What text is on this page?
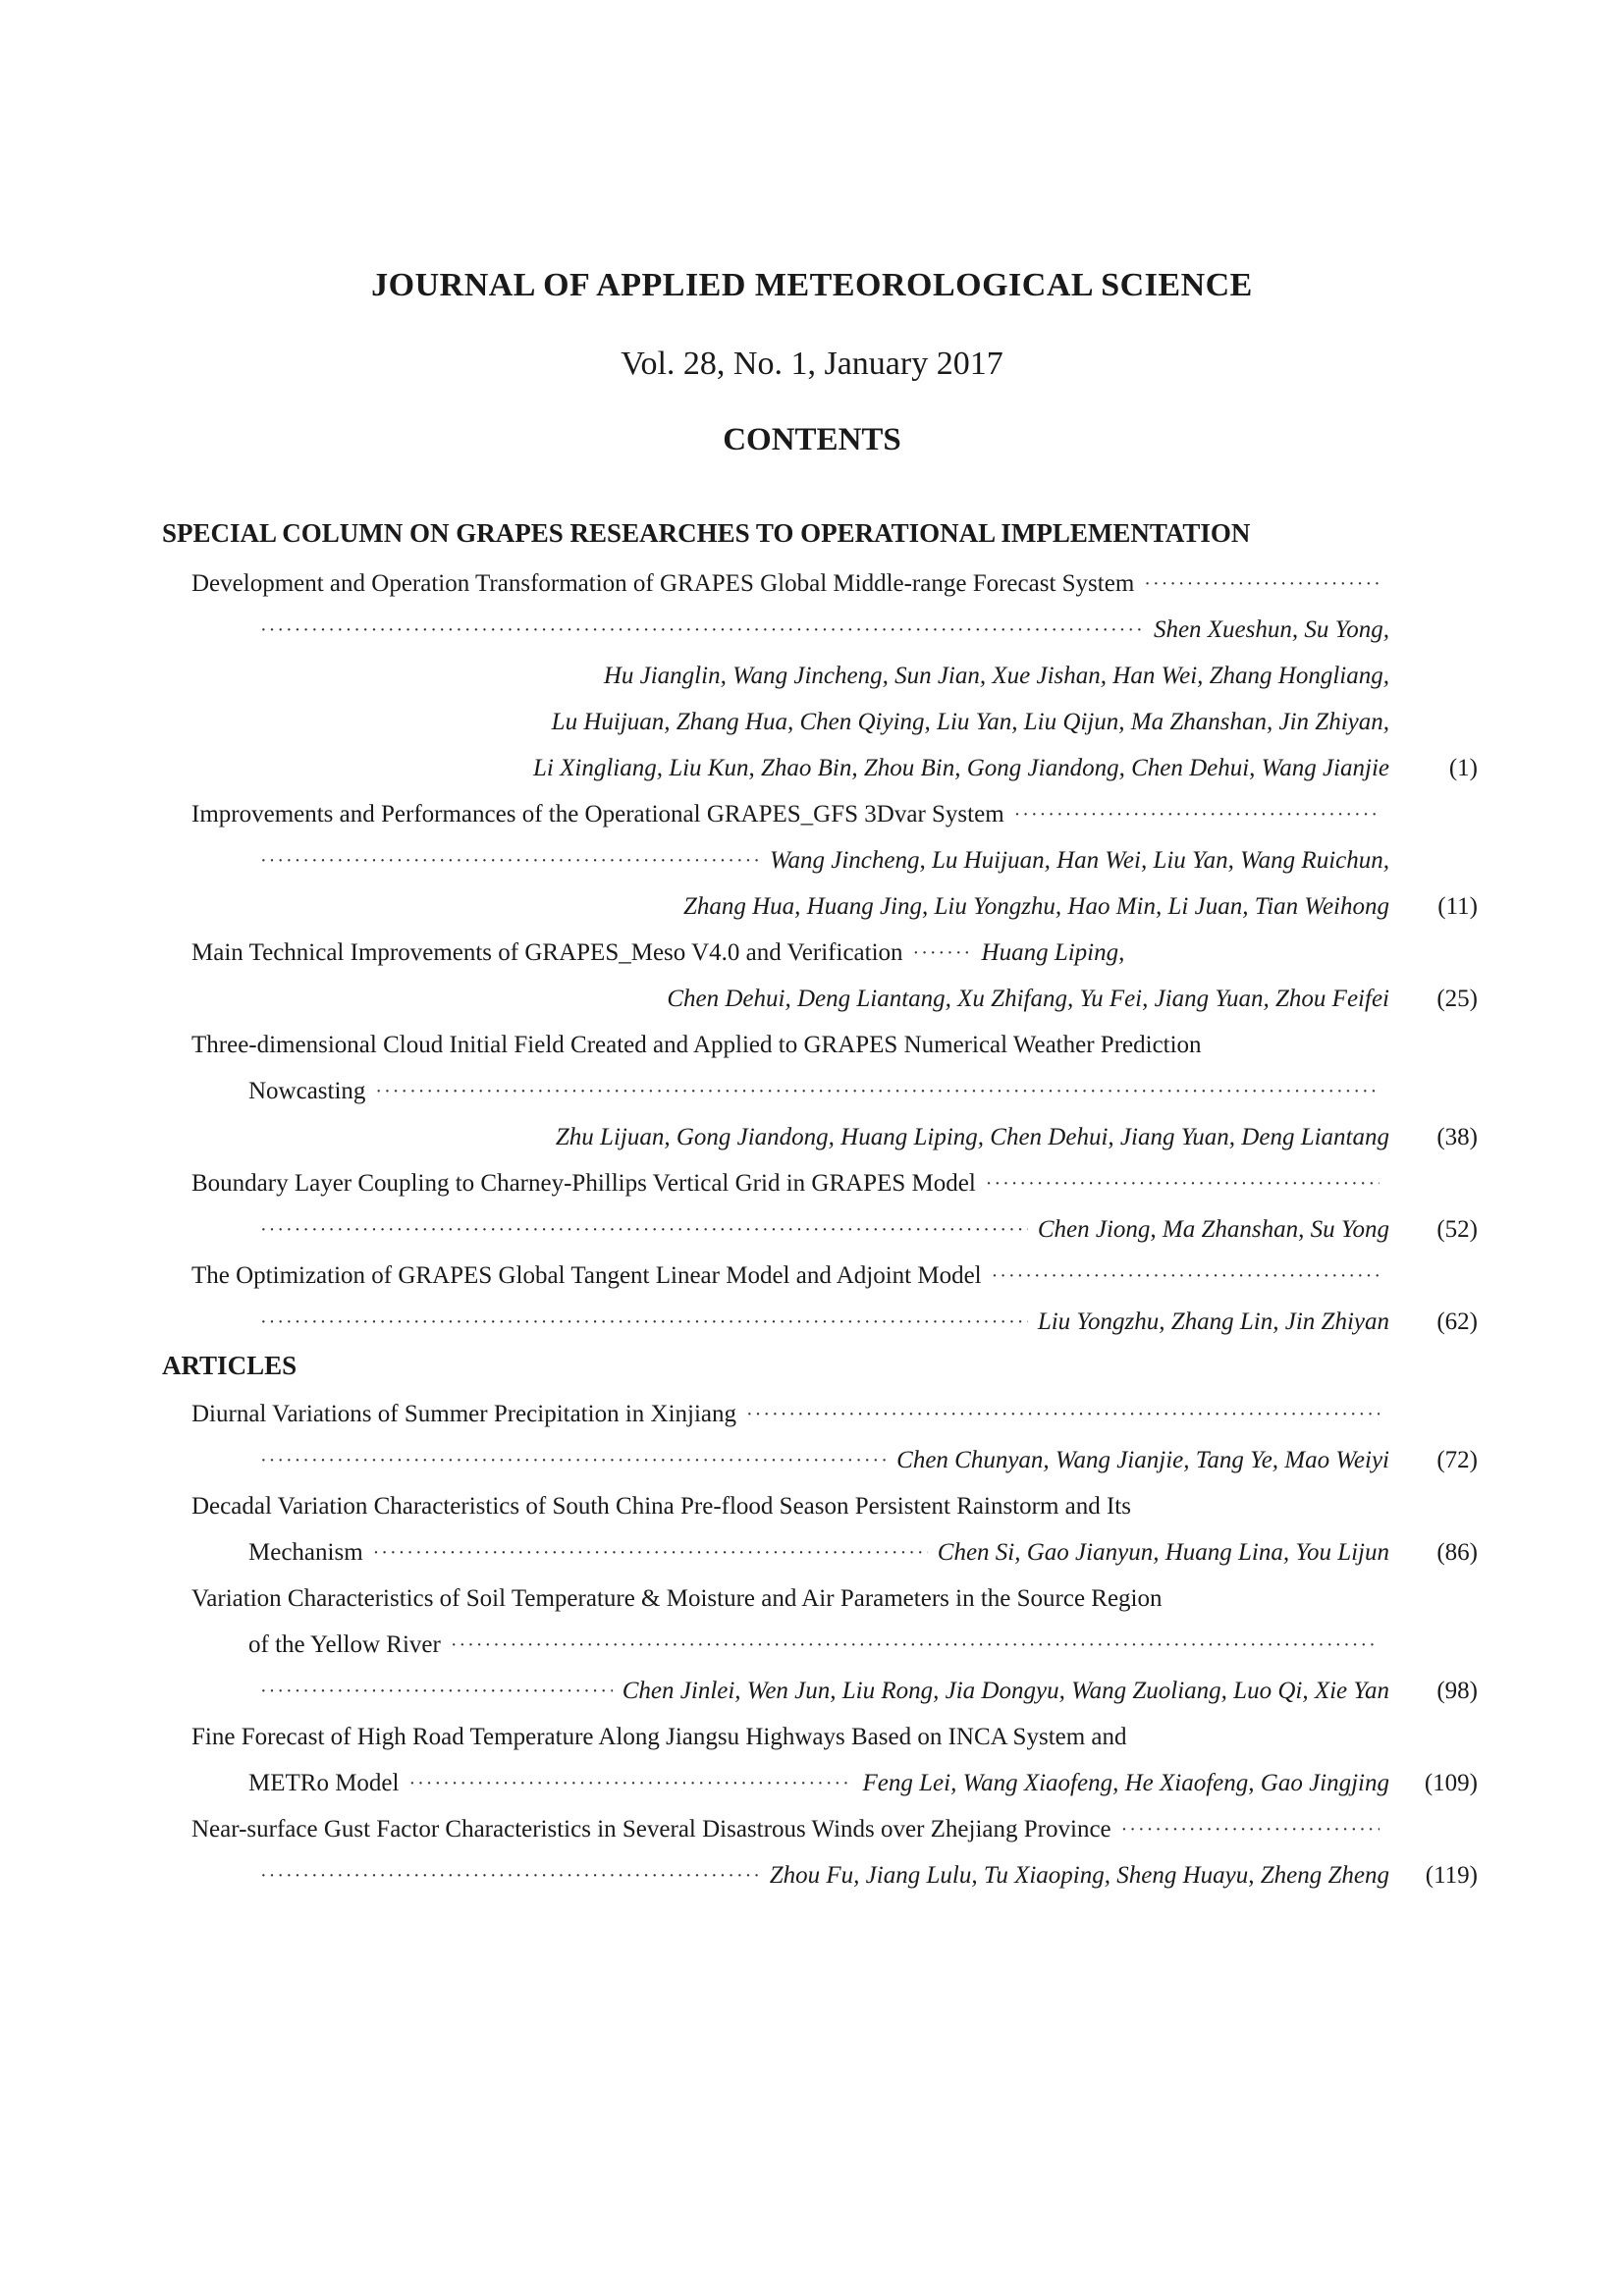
JOURNAL OF APPLIED METEOROLOGICAL SCIENCE
Vol. 28, No. 1, January 2017
CONTENTS
SPECIAL COLUMN ON GRAPES RESEARCHES TO OPERATIONAL IMPLEMENTATION
Development and Operation Transformation of GRAPES Global Middle-range Forecast System
·····
·····
Shen Xueshun, Su Yong,
Hu Jianglin, Wang Jincheng, Sun Jian, Xue Jishan, Han Wei, Zhang Hongliang,
Lu Huijuan, Zhang Hua, Chen Qiying, Liu Yan, Liu Qijun, Ma Zhanshan, Jin Zhiyan,
Li Xingliang, Liu Kun, Zhao Bin, Zhou Bin, Gong Jiandong, Chen Dehui, Wang Jianjie	(1)
Improvements and Performances of the Operational GRAPES_GFS 3Dvar System
·····
·····
Wang Jincheng, Lu Huijuan, Han Wei, Liu Yan, Wang Ruichun,
Zhang Hua, Huang Jing, Liu Yongzhu, Hao Min, Li Juan, Tian Weihong	(11)
Main Technical Improvements of GRAPES_Meso V4.0 and Verification ·····	Huang Liping,
Chen Dehui, Deng Liantang, Xu Zhifang, Yu Fei, Jiang Yuan, Zhou Feifei	(25)
Three-dimensional Cloud Initial Field Created and Applied to GRAPES Numerical Weather Prediction
Nowcasting
·····
Zhu Lijuan, Gong Jiandong, Huang Liping, Chen Dehui, Jiang Yuan, Deng Liantang	(38)
Boundary Layer Coupling to Charney-Phillips Vertical Grid in GRAPES Model
·····
·····
Chen Jiong, Ma Zhanshan, Su Yong	(52)
The Optimization of GRAPES Global Tangent Linear Model and Adjoint Model
·····
·····
Liu Yongzhu, Zhang Lin, Jin Zhiyan	(62)
ARTICLES
Diurnal Variations of Summer Precipitation in Xinjiang
·····
·····
Chen Chunyan, Wang Jianjie, Tang Ye, Mao Weiyi	(72)
Decadal Variation Characteristics of South China Pre-flood Season Persistent Rainstorm and Its
Mechanism ·····	Chen Si, Gao Jianyun, Huang Lina, You Lijun	(86)
Variation Characteristics of Soil Temperature & Moisture and Air Parameters in the Source Region
of the Yellow River
·····
·····
Chen Jinlei, Wen Jun, Liu Rong, Jia Dongyu, Wang Zuoliang, Luo Qi, Xie Yan	(98)
Fine Forecast of High Road Temperature Along Jiangsu Highways Based on INCA System and
METRo Model ·····	Feng Lei, Wang Xiaofeng, He Xiaofeng, Gao Jingjing	(109)
Near-surface Gust Factor Characteristics in Several Disastrous Winds over Zhejiang Province
·····
·····
Zhou Fu, Jiang Lulu, Tu Xiaoping, Sheng Huayu, Zheng Zheng	(119)
